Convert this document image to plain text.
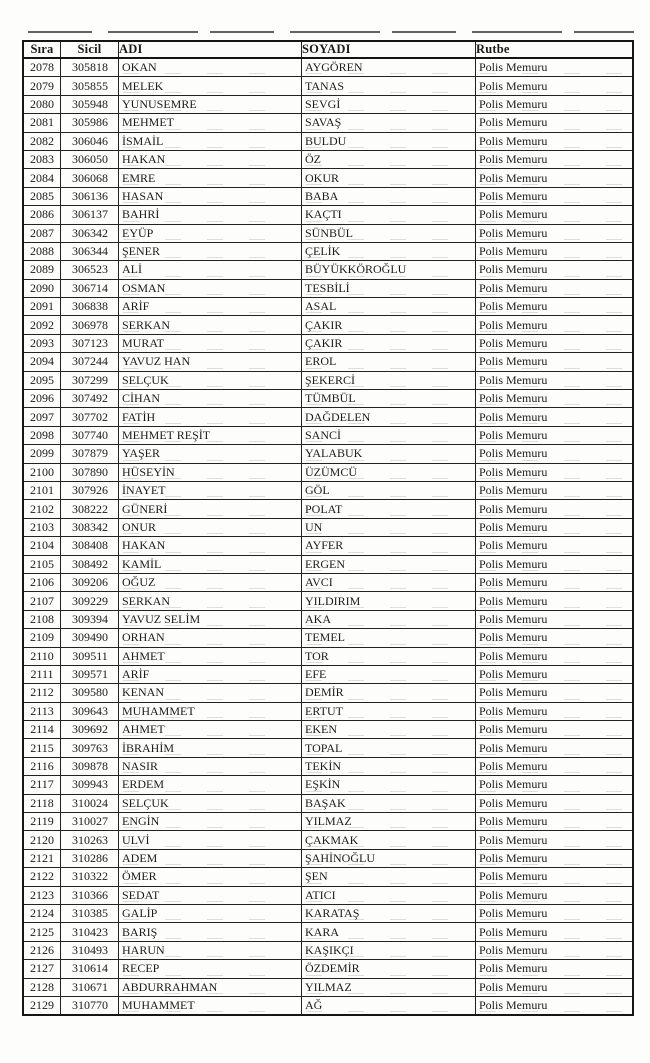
Sıra	Sicil	ADI	SOYADI	Rutbe
2078	305818	OKAN	AYGÖREN	Polis Memuru
2079	305855	MELEK	TANAS	Polis Memuru
2080	305948	YUNUSEMRE	SEVGİ	Polis Memuru
2081	305986	MEHMET	SAVAŞ	Polis Memuru
2082	306046	İSMAİL	BULDU	Polis Memuru
2083	306050	HAKAN	ÖZ	Polis Memuru
2084	306068	EMRE	OKUR	Polis Memuru
2085	306136	HASAN	BABA	Polis Memuru
2086	306137	BAHRİ	KAÇTI	Polis Memuru
2087	306342	EYÜP	SÜNBÜL	Polis Memuru
2088	306344	ŞENER	ÇELİK	Polis Memuru
2089	306523	ALİ	BÜYÜKKÖROĞLU	Polis Memuru
2090	306714	OSMAN	TESBİLİ	Polis Memuru
2091	306838	ARİF	ASAL	Polis Memuru
2092	306978	SERKAN	ÇAKIR	Polis Memuru
2093	307123	MURAT	ÇAKIR	Polis Memuru
2094	307244	YAVUZ HAN	EROL	Polis Memuru
2095	307299	SELÇUK	ŞEKERCİ	Polis Memuru
2096	307492	CİHAN	TÜMBÜL	Polis Memuru
2097	307702	FATİH	DAĞDELEN	Polis Memuru
2098	307740	MEHMET REŞİT	SANCİ	Polis Memuru
2099	307879	YAŞER	YALABUK	Polis Memuru
2100	307890	HÜSEYİN	ÜZÜMCÜ	Polis Memuru
2101	307926	İNAYET	GÖL	Polis Memuru
2102	308222	GÜNERİ	POLAT	Polis Memuru
2103	308342	ONUR	UN	Polis Memuru
2104	308408	HAKAN	AYFER	Polis Memuru
2105	308492	KAMİL	ERGEN	Polis Memuru
2106	309206	OĞUZ	AVCI	Polis Memuru
2107	309229	SERKAN	YILDIRIM	Polis Memuru
2108	309394	YAVUZ SELİM	AKA	Polis Memuru
2109	309490	ORHAN	TEMEL	Polis Memuru
2110	309511	AHMET	TOR	Polis Memuru
2111	309571	ARİF	EFE	Polis Memuru
2112	309580	KENAN	DEMİR	Polis Memuru
2113	309643	MUHAMMET	ERTUT	Polis Memuru
2114	309692	AHMET	EKEN	Polis Memuru
2115	309763	İBRAHİM	TOPAL	Polis Memuru
2116	309878	NASIR	TEKİN	Polis Memuru
2117	309943	ERDEM	EŞKİN	Polis Memuru
2118	310024	SELÇUK	BAŞAK	Polis Memuru
2119	310027	ENGİN	YILMAZ	Polis Memuru
2120	310263	ULVİ	ÇAKMAK	Polis Memuru
2121	310286	ADEM	ŞAHİNOĞLU	Polis Memuru
2122	310322	ÖMER	ŞEN	Polis Memuru
2123	310366	SEDAT	ATICI	Polis Memuru
2124	310385	GALİP	KARATAŞ	Polis Memuru
2125	310423	BARIŞ	KARA	Polis Memuru
2126	310493	HARUN	KAŞIKÇI	Polis Memuru
2127	310614	RECEP	ÖZDEMİR	Polis Memuru
2128	310671	ABDURRAHMAN	YILMAZ	Polis Memuru
2129	310770	MUHAMMET	AĞ	Polis Memuru
